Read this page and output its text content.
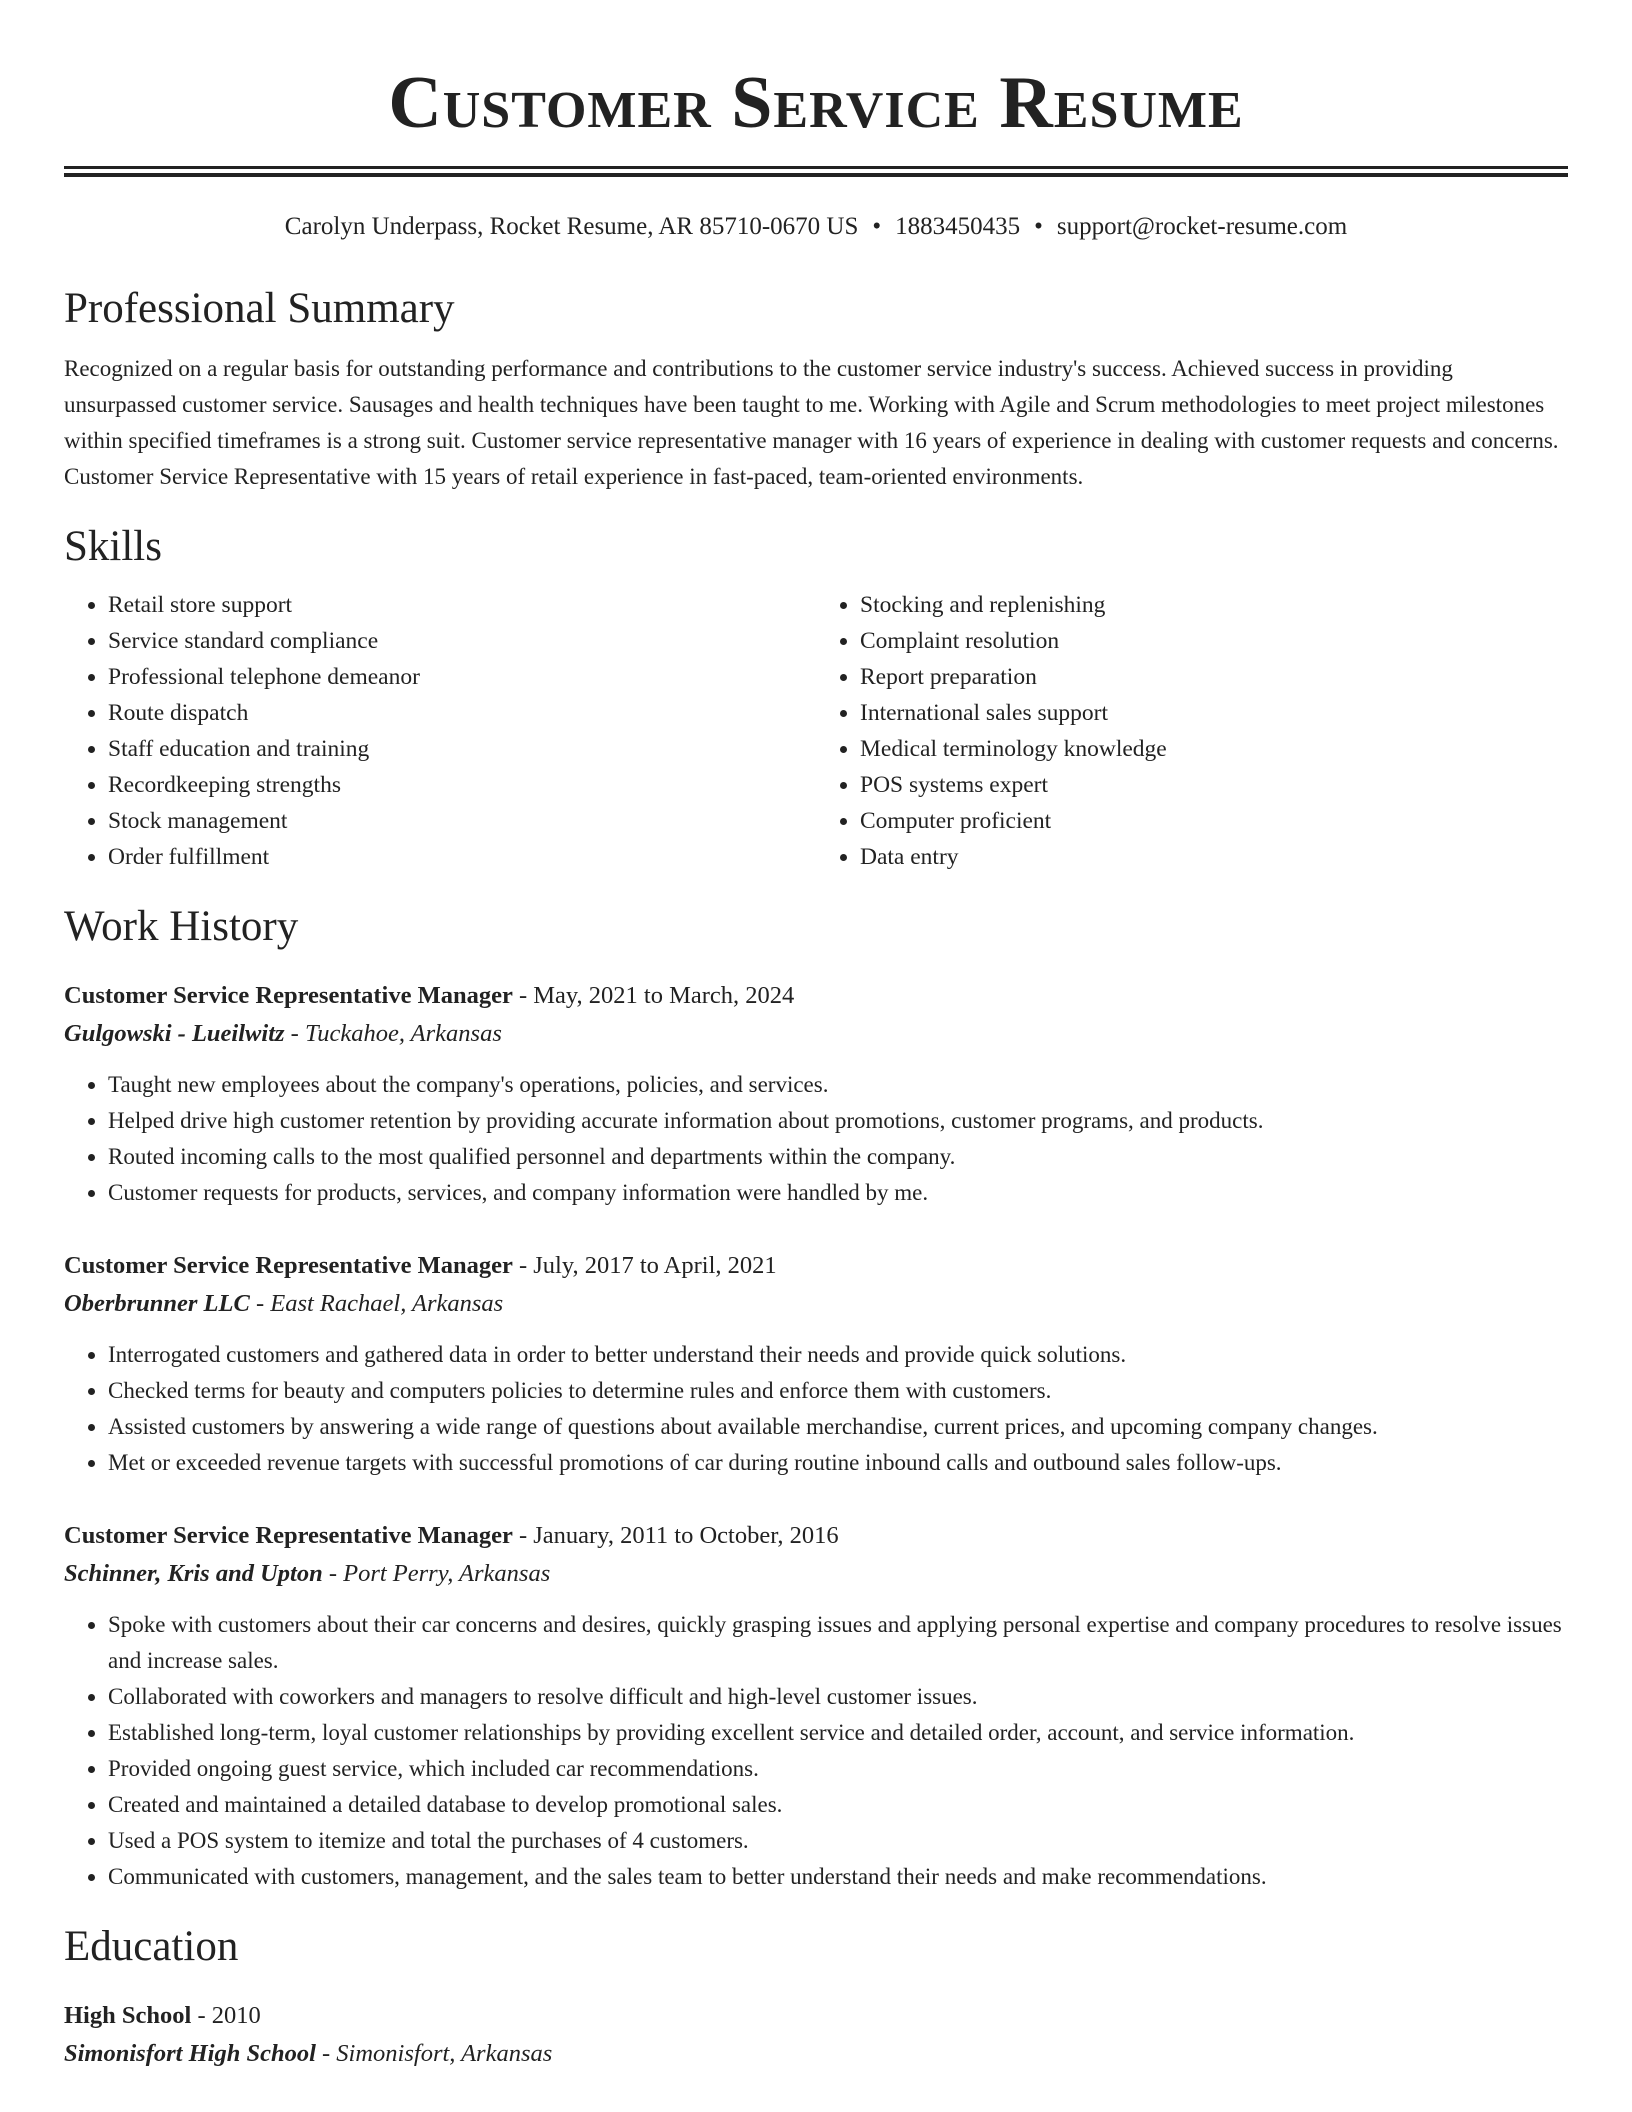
Customer Service Resume
Carolyn Underpass, Rocket Resume, AR 85710-0670 US • 1883450435 • support@rocket-resume.com
Professional Summary

Recognized on a regular basis for outstanding performance and contributions to the customer service industry's success. Achieved success in providing unsurpassed customer service. Sausages and health techniques have been taught to me. Working with Agile and Scrum methodologies to meet project milestones within specified timeframes is a strong suit. Customer service representative manager with 16 years of experience in dealing with customer requests and concerns. Customer Service Representative with 15 years of retail experience in fast-paced, team-oriented environments.

Skills
• Retail store support
• Service standard compliance
• Professional telephone demeanor
• Route dispatch
• Staff education and training
• Recordkeeping strengths
• Stock management
• Order fulfillment
• Stocking and replenishing
• Complaint resolution
• Report preparation
• International sales support
• Medical terminology knowledge
• POS systems expert
• Computer proficient
• Data entry
Work History
Customer Service Representative Manager - May, 2021 to March, 2024
Gulgowski - Lueilwitz - Tuckahoe, Arkansas
• Taught new employees about the company's operations, policies, and services.
• Helped drive high customer retention by providing accurate information about promotions, customer programs, and products.
• Routed incoming calls to the most qualified personnel and departments within the company.
• Customer requests for products, services, and company information were handled by me.
Customer Service Representative Manager - July, 2017 to April, 2021
Oberbrunner LLC - East Rachael, Arkansas
• Interrogated customers and gathered data in order to better understand their needs and provide quick solutions.
• Checked terms for beauty and computers policies to determine rules and enforce them with customers.
• Assisted customers by answering a wide range of questions about available merchandise, current prices, and upcoming company changes.
• Met or exceeded revenue targets with successful promotions of car during routine inbound calls and outbound sales follow-ups.
Customer Service Representative Manager - January, 2011 to October, 2016
Schinner, Kris and Upton - Port Perry, Arkansas
• Spoke with customers about their car concerns and desires, quickly grasping issues and applying personal expertise and company procedures to resolve issues and increase sales.
• Collaborated with coworkers and managers to resolve difficult and high-level customer issues.
• Established long-term, loyal customer relationships by providing excellent service and detailed order, account, and service information.
• Provided ongoing guest service, which included car recommendations.
• Created and maintained a detailed database to develop promotional sales.
• Used a POS system to itemize and total the purchases of 4 customers.
• Communicated with customers, management, and the sales team to better understand their needs and make recommendations.
Education
High School - 2010
Simonisfort High School - Simonisfort, Arkansas
